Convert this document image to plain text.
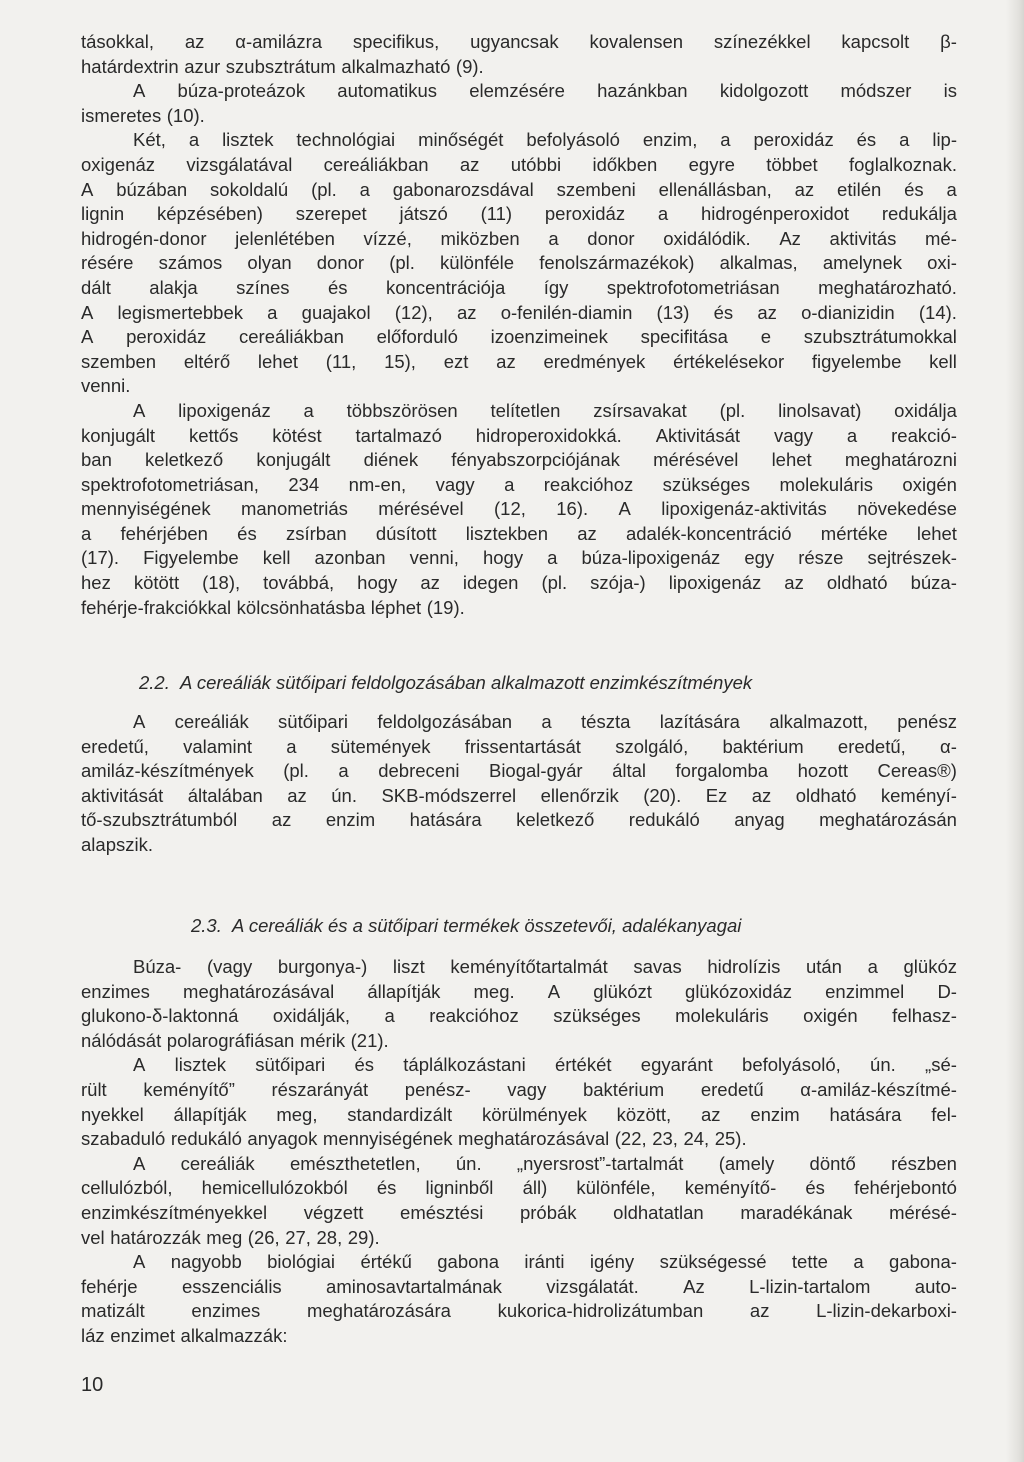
tásokkal, az α-amilázra specifikus, ugyancsak kovalensen színezékkel kapcsolt β-
határdextrin azur szubsztrátum alkalmazható (9).
A búza-proteázok automatikus elemzésére hazánkban kidolgozott módszer is
ismeretes (10).
Két, a lisztek technológiai minőségét befolyásoló enzim, a peroxidáz és a lip-
oxigenáz vizsgálatával cereáliákban az utóbbi időkben egyre többet foglalkoznak.
A búzában sokoldalú (pl. a gabonarozsdával szembeni ellenállásban, az etilén és a
lignin képzésében) szerepet játszó (11) peroxidáz a hidrogénperoxidot redukálja
hidrogén-donor jelenlétében vízzé, miközben a donor oxidálódik. Az aktivitás mé-
résére számos olyan donor (pl. különféle fenolszármazékok) alkalmas, amelynek oxi-
dált alakja színes és koncentrációja így spektrofotometriásan meghatározható.
A legismertebbek a guajakol (12), az o-fenilén-diamin (13) és az o-dianizidin (14).
A peroxidáz cereáliákban előforduló izoenzimeinek specifitása e szubsztrátumokkal
szemben eltérő lehet (11, 15), ezt az eredmények értékelésekor figyelembe kell
venni.
A lipoxigenáz a többszörösen telítetlen zsírsavakat (pl. linolsavat) oxidálja
konjugált kettős kötést tartalmazó hidroperoxidokká. Aktivitását vagy a reakció-
ban keletkező konjugált diének fényabszorpciójának mérésével lehet meghatározni
spektrofotometriásan, 234 nm-en, vagy a reakcióhoz szükséges molekuláris oxigén
mennyiségének manometriás mérésével (12, 16). A lipoxigenáz-aktivitás növekedése
a fehérjében és zsírban dúsított lisztekben az adalék-koncentráció mértéke lehet
(17). Figyelembe kell azonban venni, hogy a búza-lipoxigenáz egy része sejtrészek-
hez kötött (18), továbbá, hogy az idegen (pl. szója-) lipoxigenáz az oldható búza-
fehérje-frakciókkal kölcsönhatásba léphet (19).
2.2. A cereáliák sütőipari feldolgozásában alkalmazott enzimkészítmények
A cereáliák sütőipari feldolgozásában a tészta lazítására alkalmazott, penész
eredetű, valamint a sütemények frissentartását szolgáló, baktérium eredetű, α-
amiláz-készítmények (pl. a debreceni Biogal-gyár által forgalomba hozott Cereas®)
aktivitását általában az ún. SKB-módszerrel ellenőrzik (20). Ez az oldható keményí-
tő-szubsztrátumból az enzim hatására keletkező redukáló anyag meghatározásán
alapszik.
2.3. A cereáliák és a sütőipari termékek összetevői, adalékanyagai
Búza- (vagy burgonya-) liszt keményítőtartalmát savas hidrolízis után a glükóz
enzimes meghatározásával állapítják meg. A glükózt glükózoxidáz enzimmel D-
glukono-δ-laktonná oxidálják, a reakcióhoz szükséges molekuláris oxigén felhasz-
nálódását polarográfiásan mérik (21).
A lisztek sütőipari és táplálkozástani értékét egyaránt befolyásoló, ún. „sé-
rült keményítő” részarányát penész- vagy baktérium eredetű α-amiláz-készítmé-
nyekkel állapítják meg, standardizált körülmények között, az enzim hatására fel-
szabaduló redukáló anyagok mennyiségének meghatározásával (22, 23, 24, 25).
A cereáliák emészthetetlen, ún. „nyersrost”-tartalmát (amely döntő részben
cellulózból, hemicellulózokból és ligninből áll) különféle, keményítő- és fehérjebontó
enzimkészítményekkel végzett emésztési próbák oldhatatlan maradékának mérésé-
vel határozzák meg (26, 27, 28, 29).
A nagyobb biológiai értékű gabona iránti igény szükségessé tette a gabona-
fehérje esszenciális aminosavtartalmának vizsgálatát. Az L-lizin-tartalom auto-
matizált	enzimes	meghatározására	kukorica-hidrolizátumban	az	L-lizin-dekarboxi-
láz enzimet alkalmazzák:
10
